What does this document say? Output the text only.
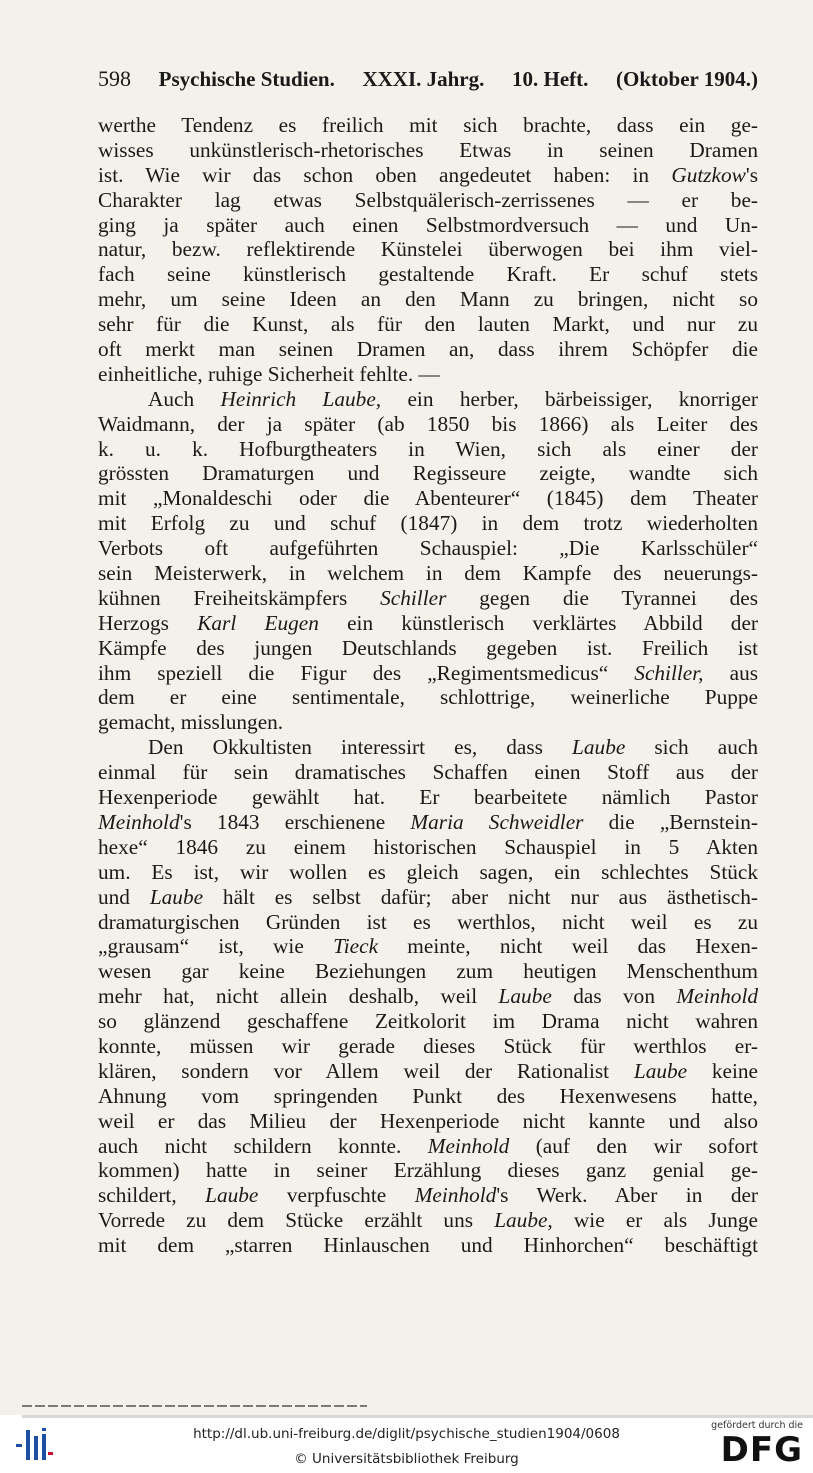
598 Psychische Studien. XXXI. Jahrg. 10. Heft. (Oktober 1904.)
werthe Tendenz es freilich mit sich brachte, dass ein ge-
wisses unkünstlerisch-rhetorisches Etwas in seinen Dramen
ist. Wie wir das schon oben angedeutet haben: in Gutzkow's
Charakter lag etwas Selbstquälerisch-zerrissenes — er be-
ging ja später auch einen Selbstmordversuch — und Un-
natur, bezw. reflektirende Künstelei überwogen bei ihm viel-
fach seine künstlerisch gestaltende Kraft. Er schuf stets
mehr, um seine Ideen an den Mann zu bringen, nicht so
sehr für die Kunst, als für den lauten Markt, und nur zu
oft merkt man seinen Dramen an, dass ihrem Schöpfer die
einheitliche, ruhige Sicherheit fehlte. —
Auch Heinrich Laube, ein herber, bärbeissiger, knorriger
Waidmann, der ja später (ab 1850 bis 1866) als Leiter des
k. u. k. Hofburgtheaters in Wien, sich als einer der
grössten Dramaturgen und Regisseure zeigte, wandte sich
mit „Monaldeschi oder die Abenteurer“ (1845) dem Theater
mit Erfolg zu und schuf (1847) in dem trotz wiederholten
Verbots oft aufgeführten Schauspiel: „Die Karlsschüler“
sein Meisterwerk, in welchem in dem Kampfe des neuerungs-
kühnen Freiheitskämpfers Schiller gegen die Tyrannei des
Herzogs Karl Eugen ein künstlerisch verklärtes Abbild der
Kämpfe des jungen Deutschlands gegeben ist. Freilich ist
ihm speziell die Figur des „Regimentsmedicus“ Schiller, aus
dem er eine sentimentale, schlottrige, weinerliche Puppe
gemacht, misslungen.
Den Okkultisten interessirt es, dass Laube sich auch
einmal für sein dramatisches Schaffen einen Stoff aus der
Hexenperiode gewählt hat. Er bearbeitete nämlich Pastor
Meinhold's 1843 erschienene Maria Schweidler die „Bernstein-
hexe“ 1846 zu einem historischen Schauspiel in 5 Akten
um. Es ist, wir wollen es gleich sagen, ein schlechtes Stück
und Laube hält es selbst dafür; aber nicht nur aus ästhetisch-
dramaturgischen Gründen ist es werthlos, nicht weil es zu
„grausam“ ist, wie Tieck meinte, nicht weil das Hexen-
wesen gar keine Beziehungen zum heutigen Menschenthum
mehr hat, nicht allein deshalb, weil Laube das von Meinhold
so glänzend geschaffene Zeitkolorit im Drama nicht wahren
konnte, müssen wir gerade dieses Stück für werthlos er-
klären, sondern vor Allem weil der Rationalist Laube keine
Ahnung vom springenden Punkt des Hexenwesens hatte,
weil er das Milieu der Hexenperiode nicht kannte und also
auch nicht schildern konnte. Meinhold (auf den wir sofort
kommen) hatte in seiner Erzählung dieses ganz genial ge-
schildert, Laube verpfuschte Meinhold's Werk. Aber in der
Vorrede zu dem Stücke erzählt uns Laube, wie er als Junge
mit dem „starren Hinlauschen und Hinhorchen“ beschäftigt
http://dl.ub.uni-freiburg.de/diglit/psychische_studien1904/0608
© Universitätsbibliothek Freiburg
gefördert durch die
DFG
